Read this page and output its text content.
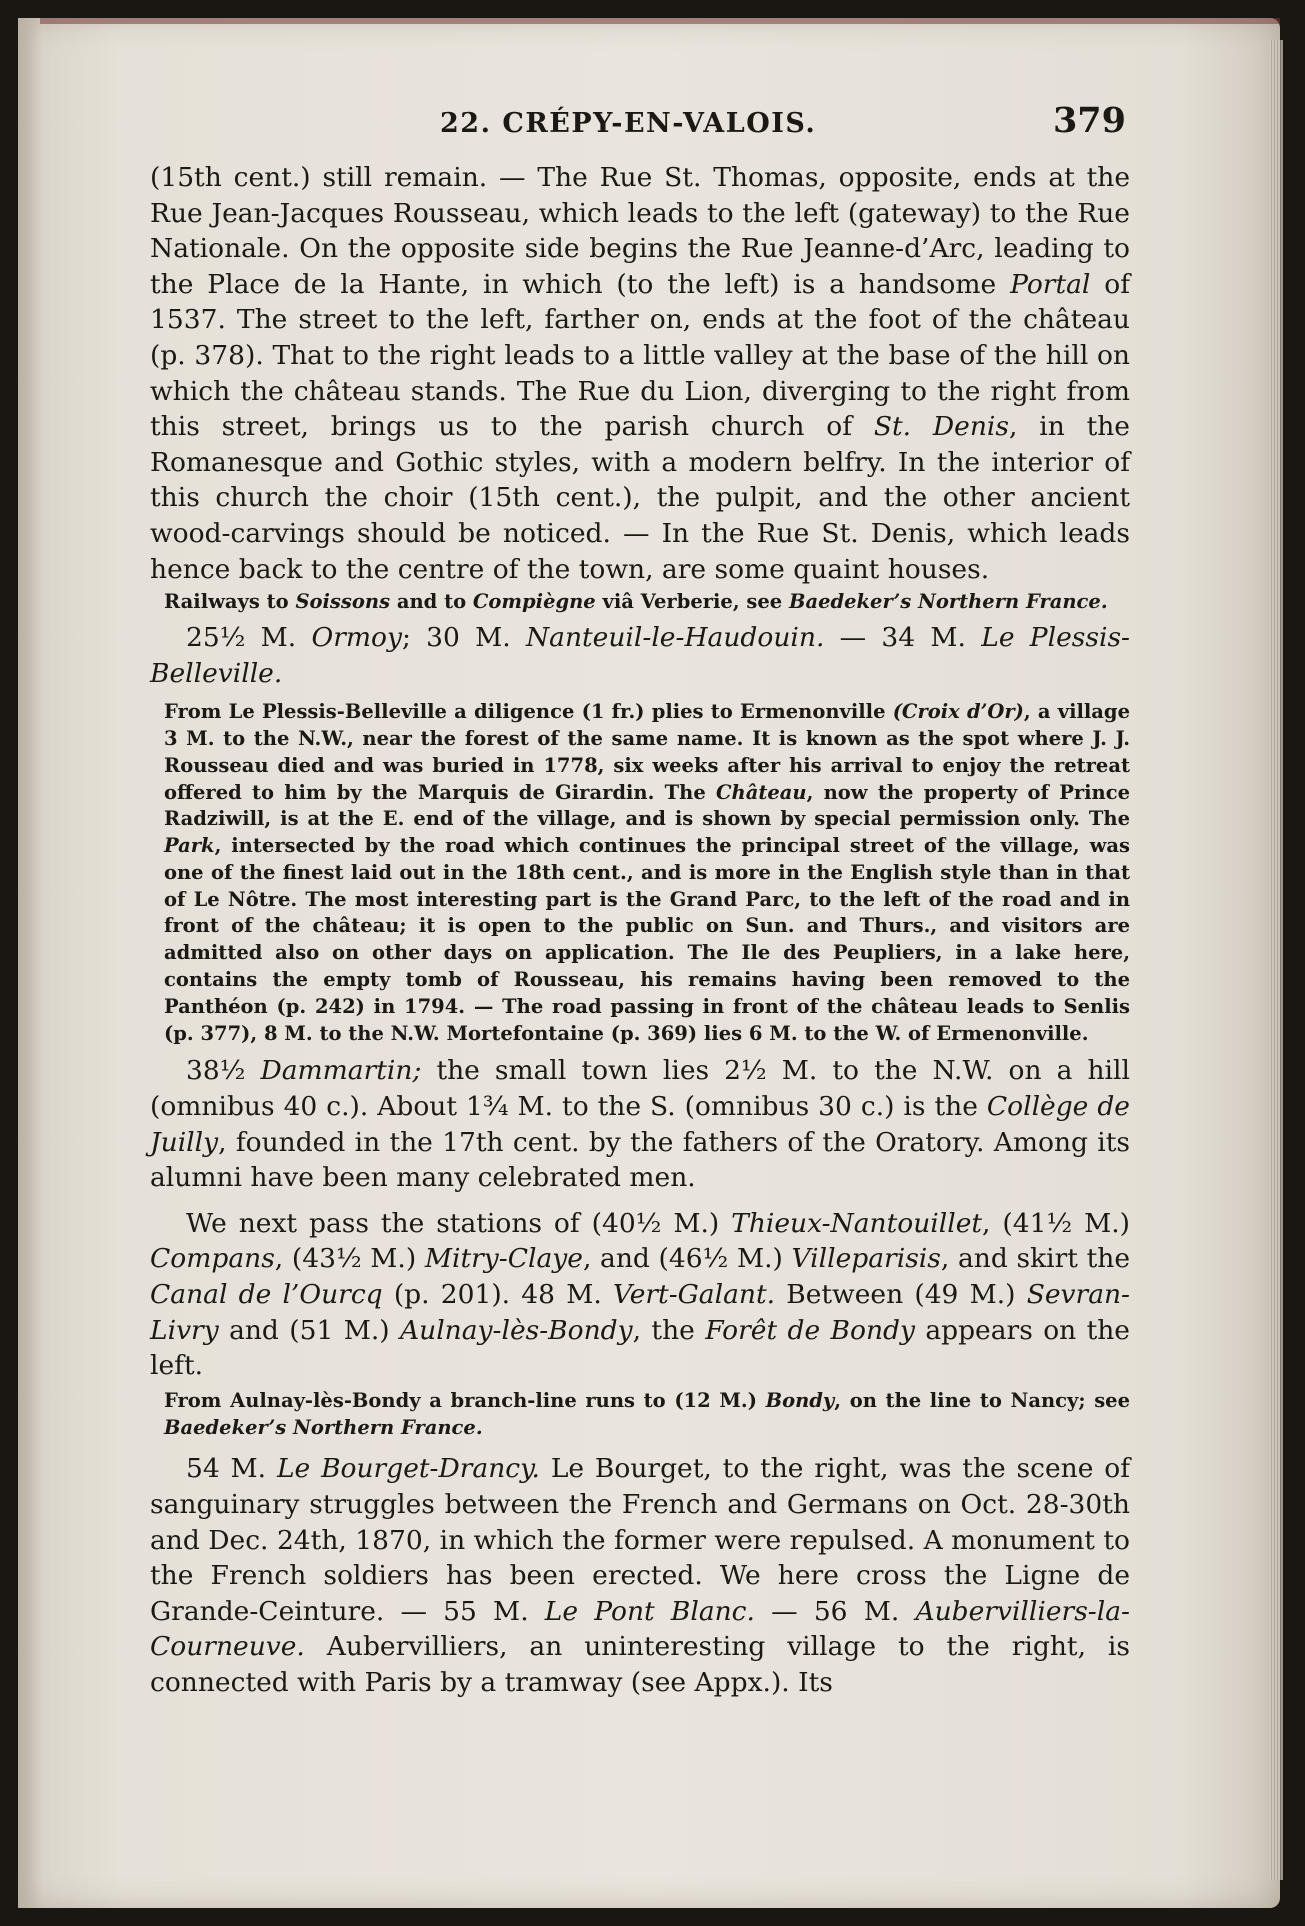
22. CRÉPY-EN-VALOIS.	379

(15th cent.) still remain. — The Rue St. Thomas, opposite, ends at the Rue Jean-Jacques Rousseau, which leads to the left (gateway) to the Rue Nationale. On the opposite side begins the Rue Jeanne-d’Arc, leading to the Place de la Hante, in which (to the left) is a handsome Portal of 1537. The street to the left, farther on, ends at the foot of the château (p. 378). That to the right leads to a little valley at the base of the hill on which the château stands. The Rue du Lion, diverging to the right from this street, brings us to the parish church of St. Denis, in the Romanesque and Gothic styles, with a modern belfry. In the interior of this church the choir (15th cent.), the pulpit, and the other ancient wood-carvings should be noticed. — In the Rue St. Denis, which leads hence back to the centre of the town, are some quaint houses.

Railways to Soissons and to Compiègne viâ Verberie, see Baedeker’s Northern France.

25½ M. Ormoy; 30 M. Nanteuil-le-Haudouin. — 34 M. Le Plessis-Belleville.

From Le Plessis-Belleville a diligence (1 fr.) plies to Ermenonville (Croix d’Or), a village 3 M. to the N.W., near the forest of the same name. It is known as the spot where J. J. Rousseau died and was buried in 1778, six weeks after his arrival to enjoy the retreat offered to him by the Marquis de Girardin. The Château, now the property of Prince Radziwill, is at the E. end of the village, and is shown by special permission only. The Park, intersected by the road which continues the principal street of the village, was one of the finest laid out in the 18th cent., and is more in the English style than in that of Le Nôtre. The most interesting part is the Grand Parc, to the left of the road and in front of the château; it is open to the public on Sun. and Thurs., and visitors are admitted also on other days on application. The Ile des Peupliers, in a lake here, contains the empty tomb of Rousseau, his remains having been removed to the Panthéon (p. 242) in 1794. — The road passing in front of the château leads to Senlis (p. 377), 8 M. to the N.W. Mortefontaine (p. 369) lies 6 M. to the W. of Ermenonville.

38½ Dammartin; the small town lies 2½ M. to the N.W. on a hill (omnibus 40 c.). About 1¾ M. to the S. (omnibus 30 c.) is the Collège de Juilly, founded in the 17th cent. by the fathers of the Oratory. Among its alumni have been many celebrated men.

We next pass the stations of (40½ M.) Thieux-Nantouillet, (41½ M.) Compans, (43½ M.) Mitry-Claye, and (46½ M.) Villeparisis, and skirt the Canal de l’Ourcq (p. 201). 48 M. Vert-Galant. Between (49 M.) Sevran-Livry and (51 M.) Aulnay-lès-Bondy, the Forêt de Bondy appears on the left.

From Aulnay-lès-Bondy a branch-line runs to (12 M.) Bondy, on the line to Nancy; see Baedeker’s Northern France.

54 M. Le Bourget-Drancy. Le Bourget, to the right, was the scene of sanguinary struggles between the French and Germans on Oct. 28-30th and Dec. 24th, 1870, in which the former were repulsed. A monument to the French soldiers has been erected. We here cross the Ligne de Grande-Ceinture. — 55 M. Le Pont Blanc. — 56 M. Aubervilliers-la-Courneuve. Aubervilliers, an uninteresting village to the right, is connected with Paris by a tramway (see Appx.). Its
